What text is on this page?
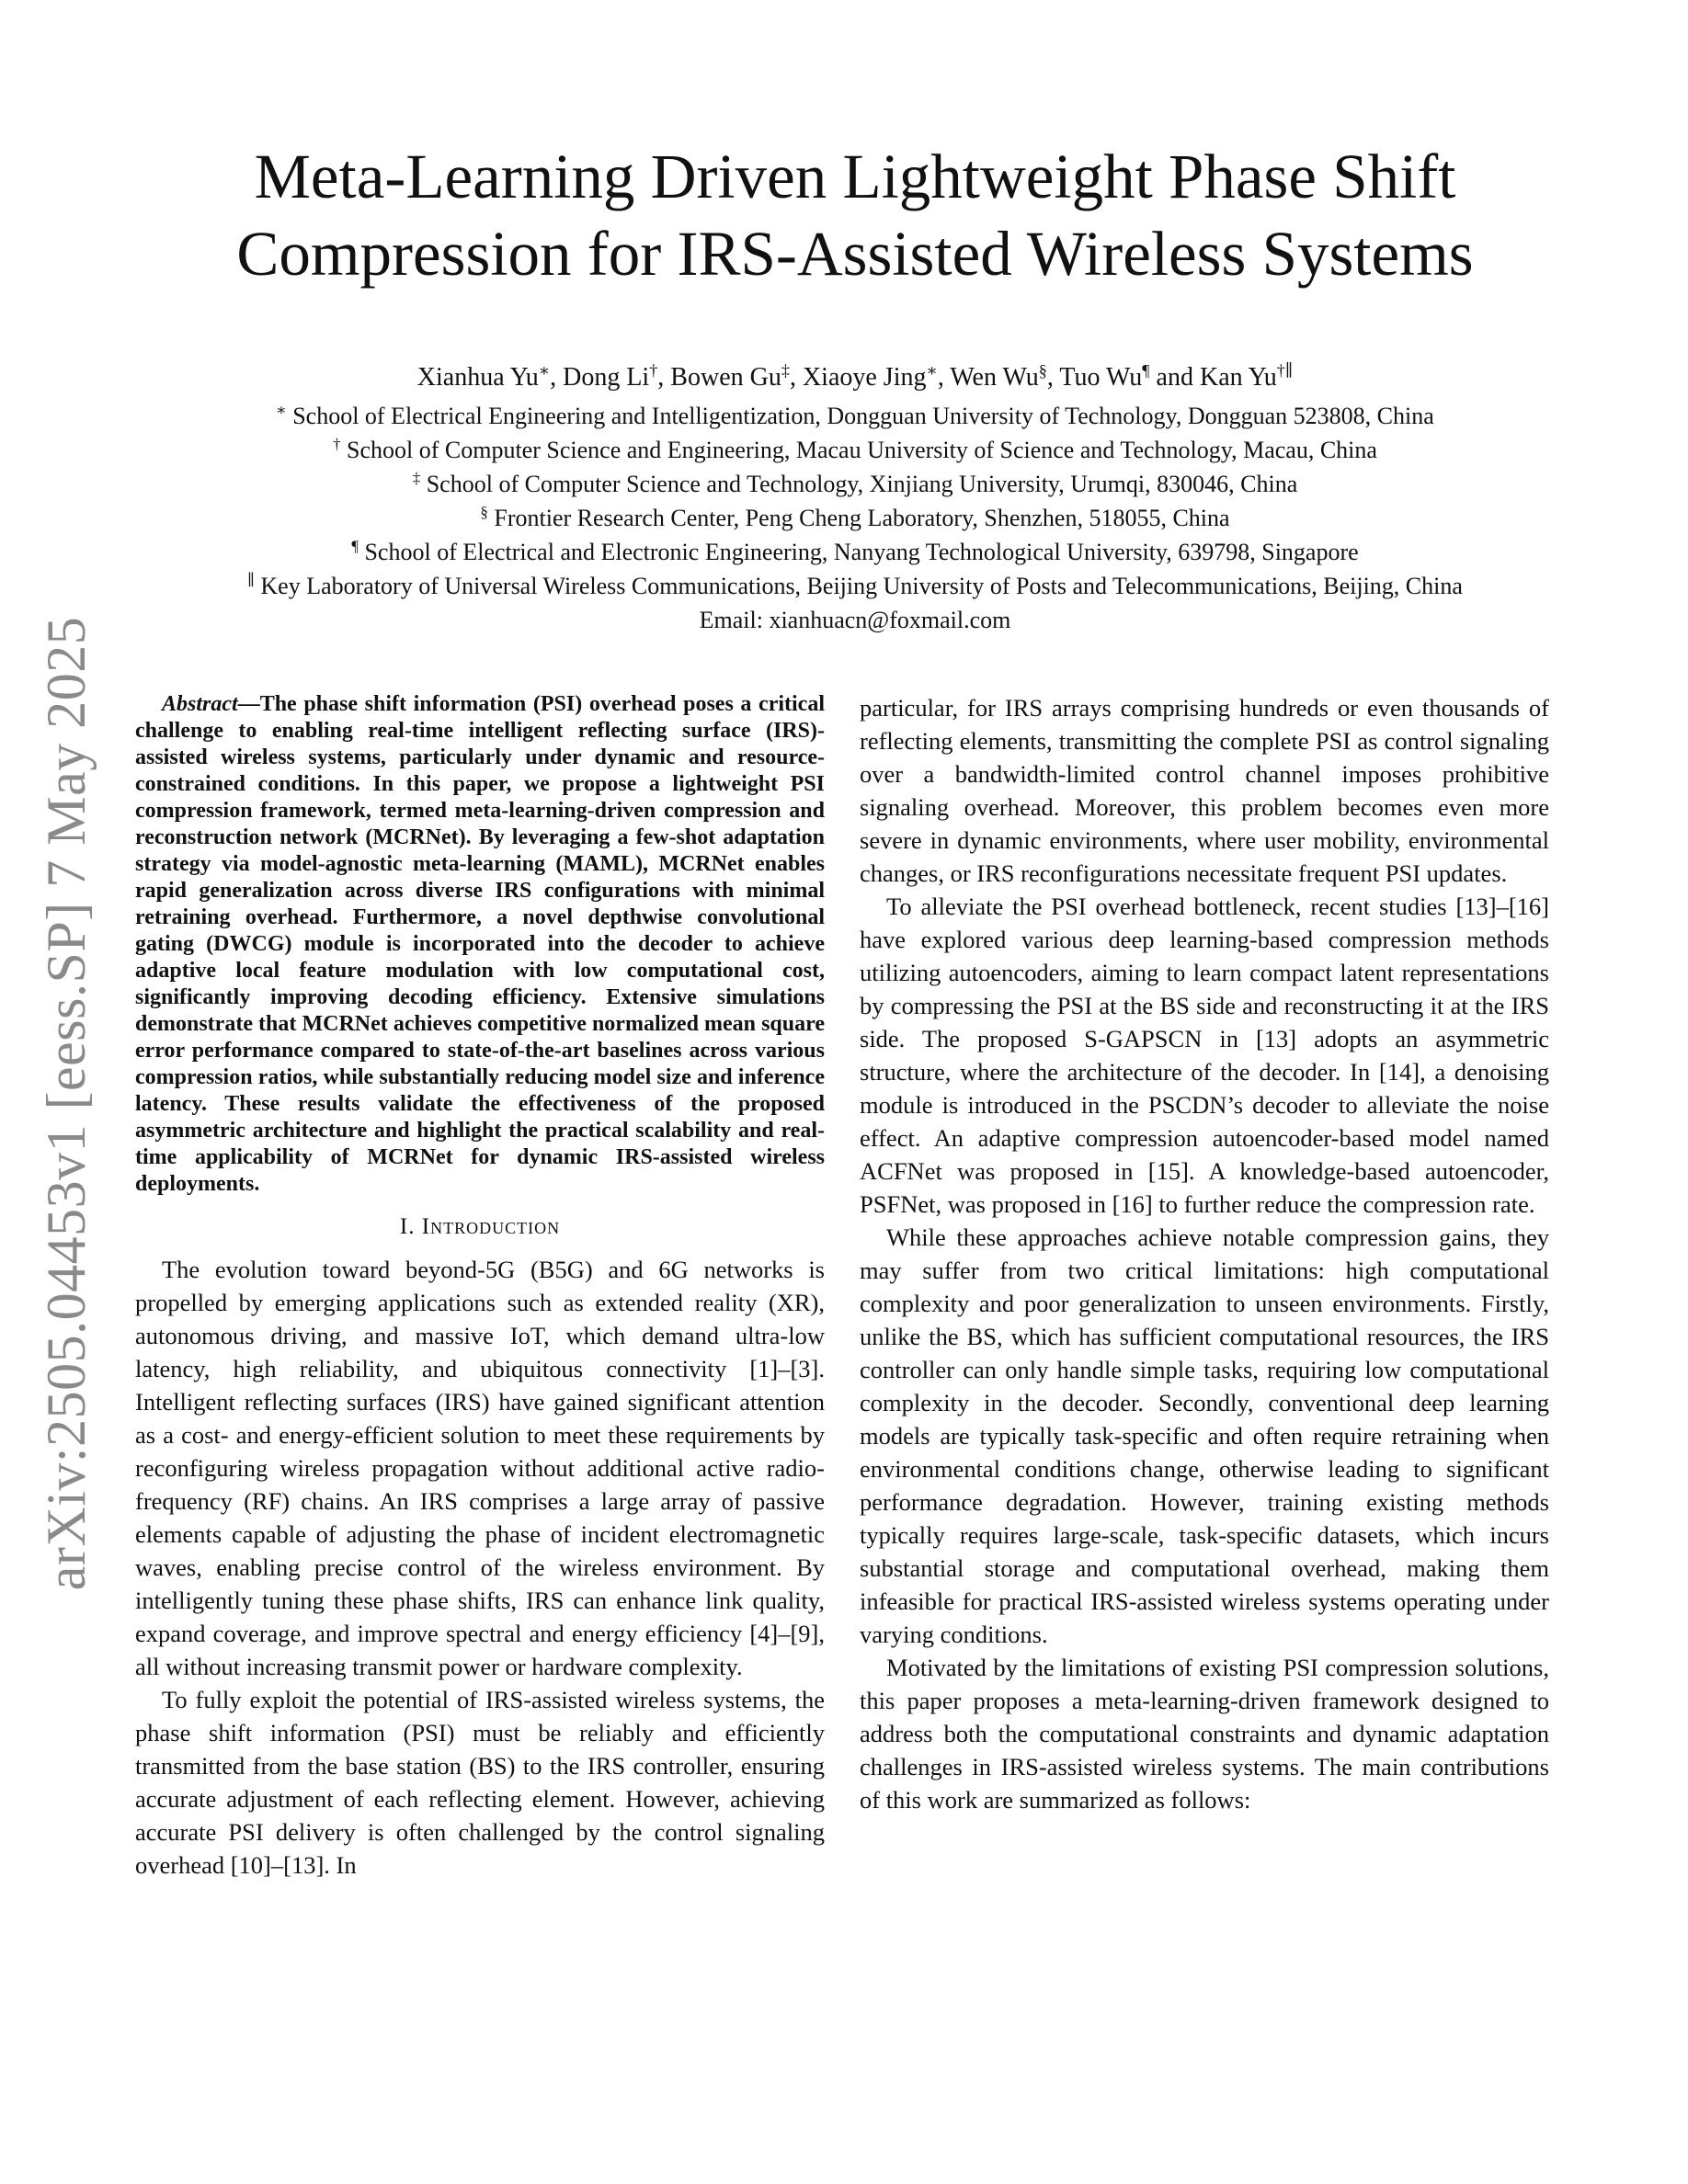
arXiv:2505.04453v1 [eess.SP] 7 May 2025
Meta-Learning Driven Lightweight Phase Shift
Compression for IRS-Assisted Wireless Systems
Xianhua Yu∗, Dong Li†, Bowen Gu‡, Xiaoye Jing∗, Wen Wu§, Tuo Wu¶ and Kan Yu†∥
∗ School of Electrical Engineering and Intelligentization, Dongguan University of Technology, Dongguan 523808, China
† School of Computer Science and Engineering, Macau University of Science and Technology, Macau, China
‡ School of Computer Science and Technology, Xinjiang University, Urumqi, 830046, China
§ Frontier Research Center, Peng Cheng Laboratory, Shenzhen, 518055, China
¶ School of Electrical and Electronic Engineering, Nanyang Technological University, 639798, Singapore
∥ Key Laboratory of Universal Wireless Communications, Beijing University of Posts and Telecommunications, Beijing, China
Email: xianhuacn@foxmail.com

Abstract—The phase shift information (PSI) overhead poses a critical challenge to enabling real-time intelligent reflecting surface (IRS)-assisted wireless systems, particularly under dynamic and resource-constrained conditions. In this paper, we propose a lightweight PSI compression framework, termed meta-learning-driven compression and reconstruction network (MCRNet). By leveraging a few-shot adaptation strategy via model-agnostic meta-learning (MAML), MCRNet enables rapid generalization across diverse IRS configurations with minimal retraining overhead. Furthermore, a novel depthwise convolutional gating (DWCG) module is incorporated into the decoder to achieve adaptive local feature modulation with low computational cost, significantly improving decoding efficiency. Extensive simulations demonstrate that MCRNet achieves competitive normalized mean square error performance compared to state-of-the-art baselines across various compression ratios, while substantially reducing model size and inference latency. These results validate the effectiveness of the proposed asymmetric architecture and highlight the practical scalability and real-time applicability of MCRNet for dynamic IRS-assisted wireless deployments.

I. Introduction

The evolution toward beyond-5G (B5G) and 6G networks is propelled by emerging applications such as extended reality (XR), autonomous driving, and massive IoT, which demand ultra-low latency, high reliability, and ubiquitous connectivity [1]–[3]. Intelligent reflecting surfaces (IRS) have gained significant attention as a cost- and energy-efficient solution to meet these requirements by reconfiguring wireless propagation without additional active radio-frequency (RF) chains. An IRS comprises a large array of passive elements capable of adjusting the phase of incident electromagnetic waves, enabling precise control of the wireless environment. By intelligently tuning these phase shifts, IRS can enhance link quality, expand coverage, and improve spectral and energy efficiency [4]–[9], all without increasing transmit power or hardware complexity.

To fully exploit the potential of IRS-assisted wireless systems, the phase shift information (PSI) must be reliably and efficiently transmitted from the base station (BS) to the IRS controller, ensuring accurate adjustment of each reflecting element. However, achieving accurate PSI delivery is often challenged by the control signaling overhead [10]–[13]. In

particular, for IRS arrays comprising hundreds or even thousands of reflecting elements, transmitting the complete PSI as control signaling over a bandwidth-limited control channel imposes prohibitive signaling overhead. Moreover, this problem becomes even more severe in dynamic environments, where user mobility, environmental changes, or IRS reconfigurations necessitate frequent PSI updates.

To alleviate the PSI overhead bottleneck, recent studies [13]–[16] have explored various deep learning-based compression methods utilizing autoencoders, aiming to learn compact latent representations by compressing the PSI at the BS side and reconstructing it at the IRS side. The proposed S-GAPSCN in [13] adopts an asymmetric structure, where the architecture of the decoder. In [14], a denoising module is introduced in the PSCDN’s decoder to alleviate the noise effect. An adaptive compression autoencoder-based model named ACFNet was proposed in [15]. A knowledge-based autoencoder, PSFNet, was proposed in [16] to further reduce the compression rate.

While these approaches achieve notable compression gains, they may suffer from two critical limitations: high computational complexity and poor generalization to unseen environments. Firstly, unlike the BS, which has sufficient computational resources, the IRS controller can only handle simple tasks, requiring low computational complexity in the decoder. Secondly, conventional deep learning models are typically task-specific and often require retraining when environmental conditions change, otherwise leading to significant performance degradation. However, training existing methods typically requires large-scale, task-specific datasets, which incurs substantial storage and computational overhead, making them infeasible for practical IRS-assisted wireless systems operating under varying conditions.

Motivated by the limitations of existing PSI compression solutions, this paper proposes a meta-learning-driven framework designed to address both the computational constraints and dynamic adaptation challenges in IRS-assisted wireless systems. The main contributions of this work are summarized as follows:
